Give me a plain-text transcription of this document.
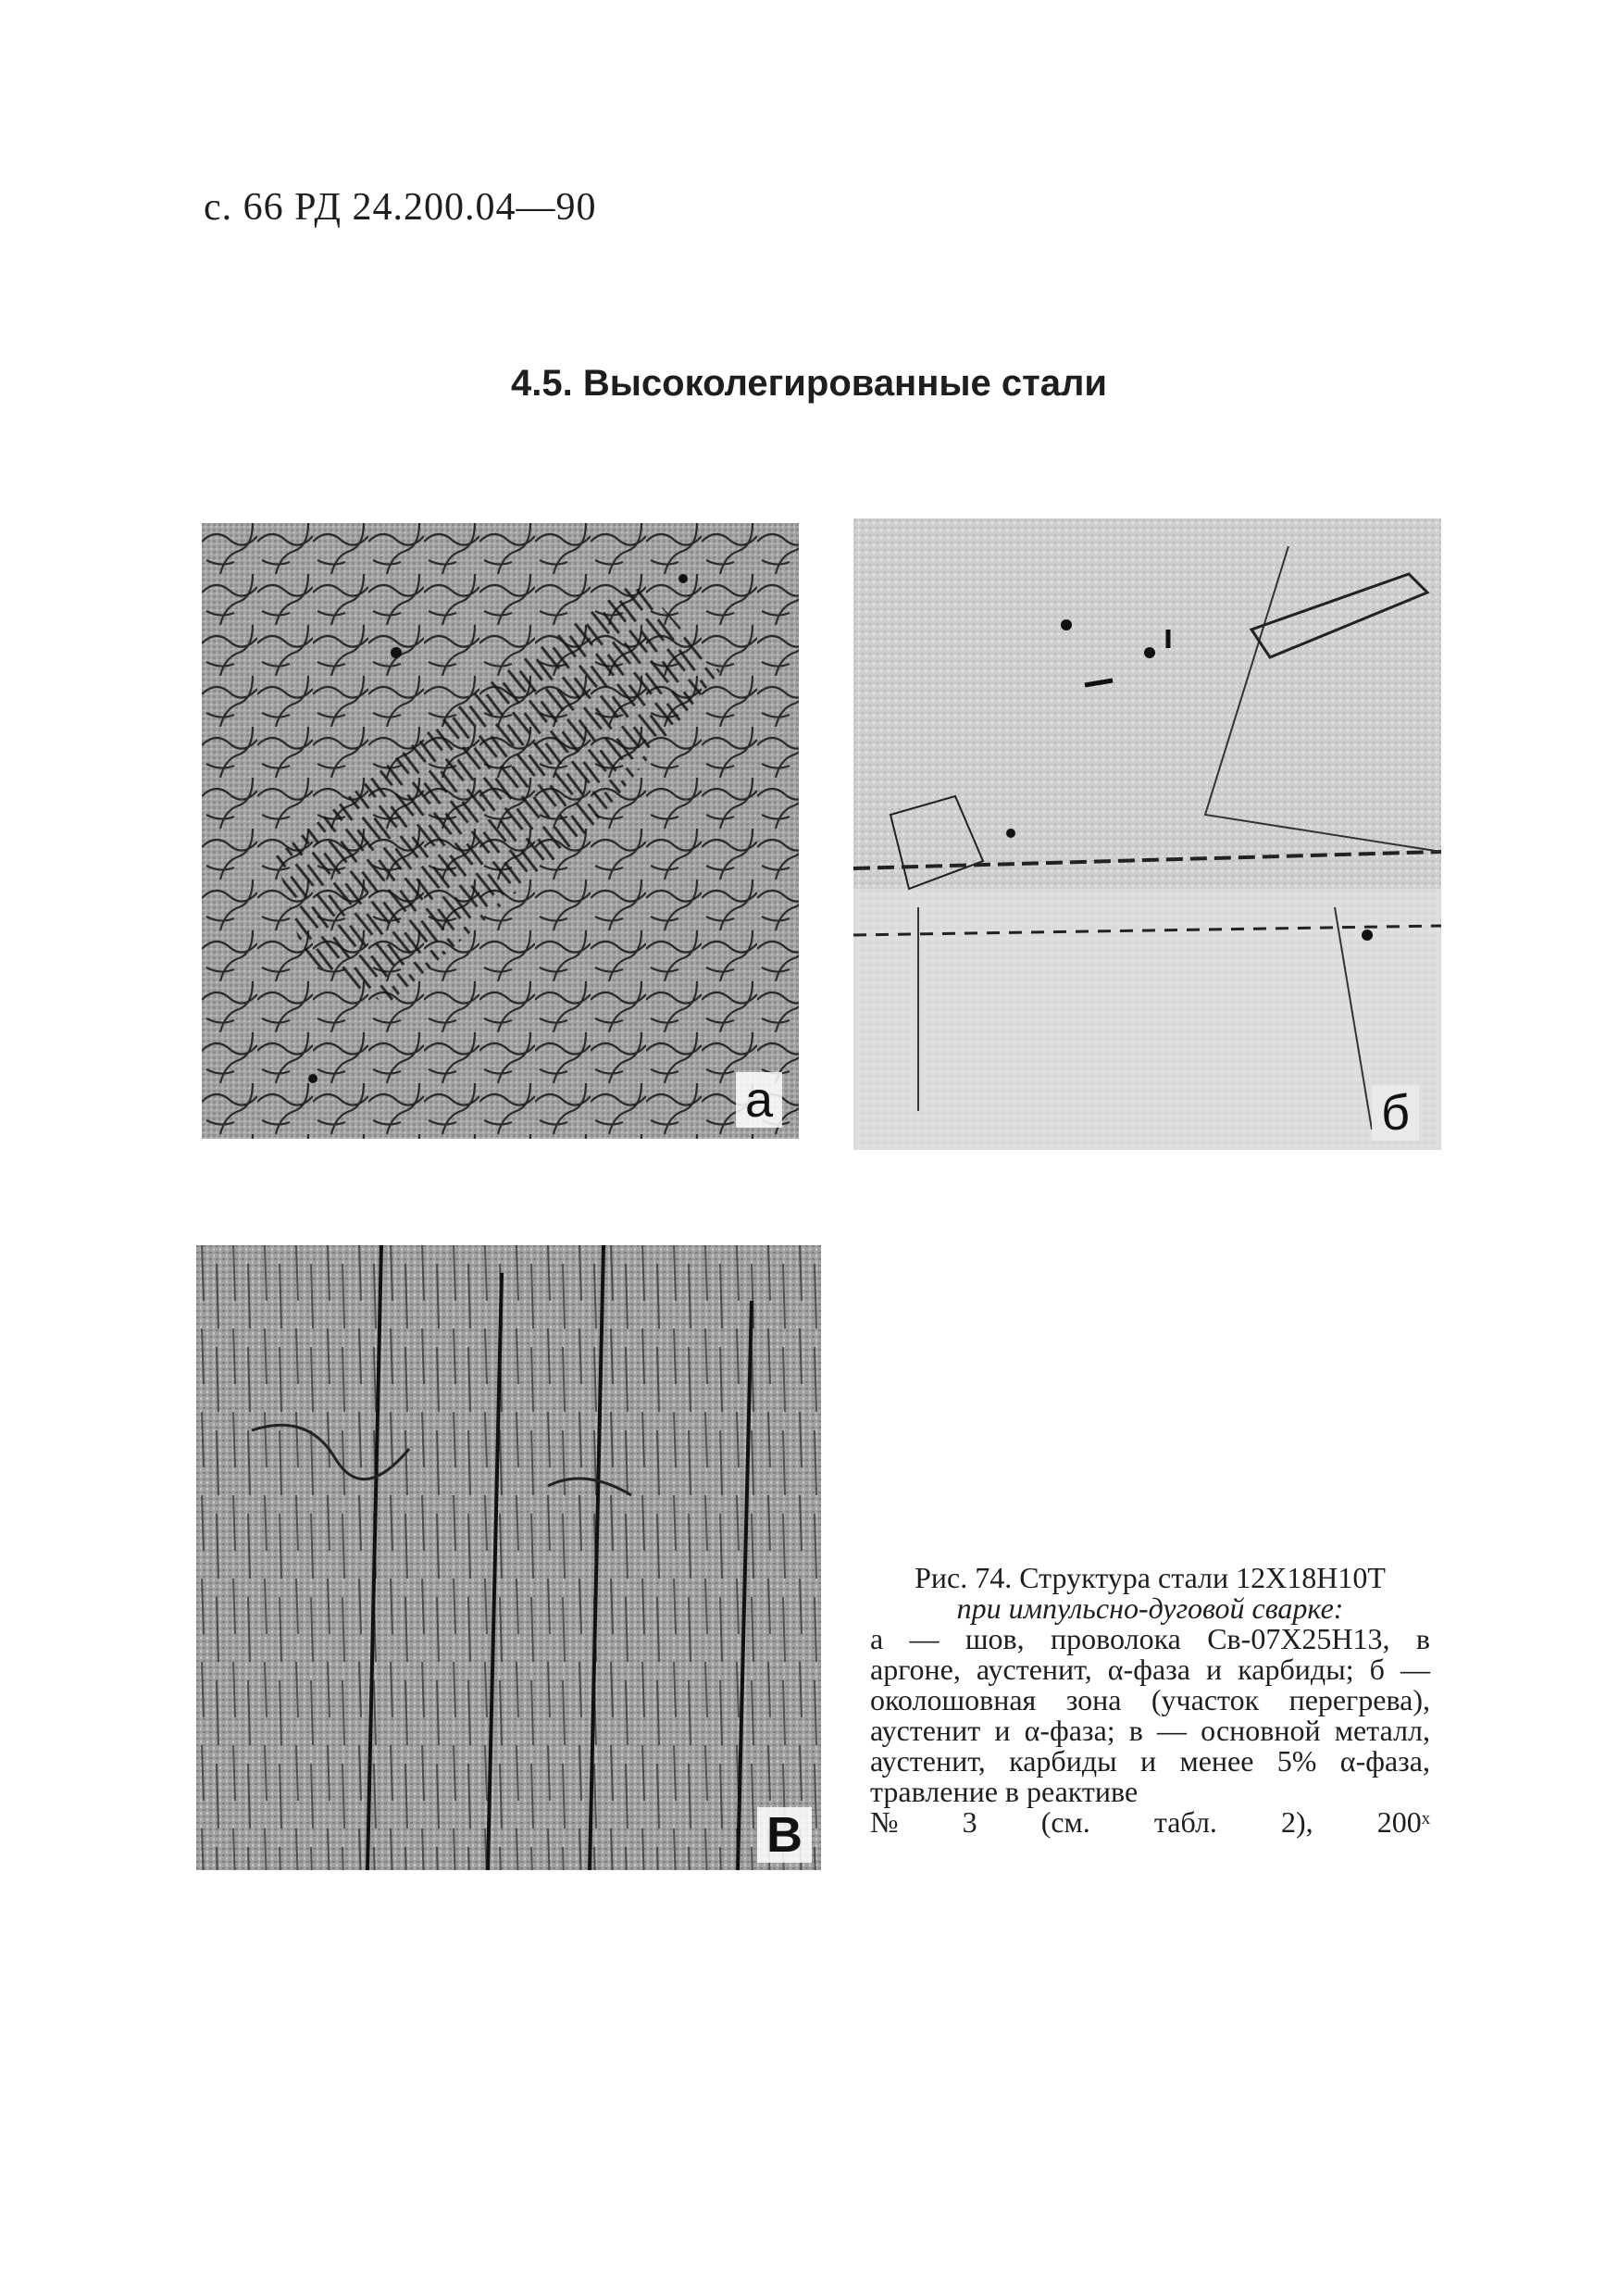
с. 66 РД 24.200.04—90
4.5. Высоколегированные стали
а	б
В
Рис. 74. Структура стали 12Х18Н10Т
при импульсно-дуговой сварке:
а — шов, проволока Св-07Х25Н13, в аргоне, аустенит, α-фаза и карбиды; б — околошовная зона (участок перегрева), аустенит и α-фаза; в — основной металл, аустенит, карбиды и менее 5% α-фаза, травление в реактиве
№ 3 (см. табл. 2), 200ˣ
